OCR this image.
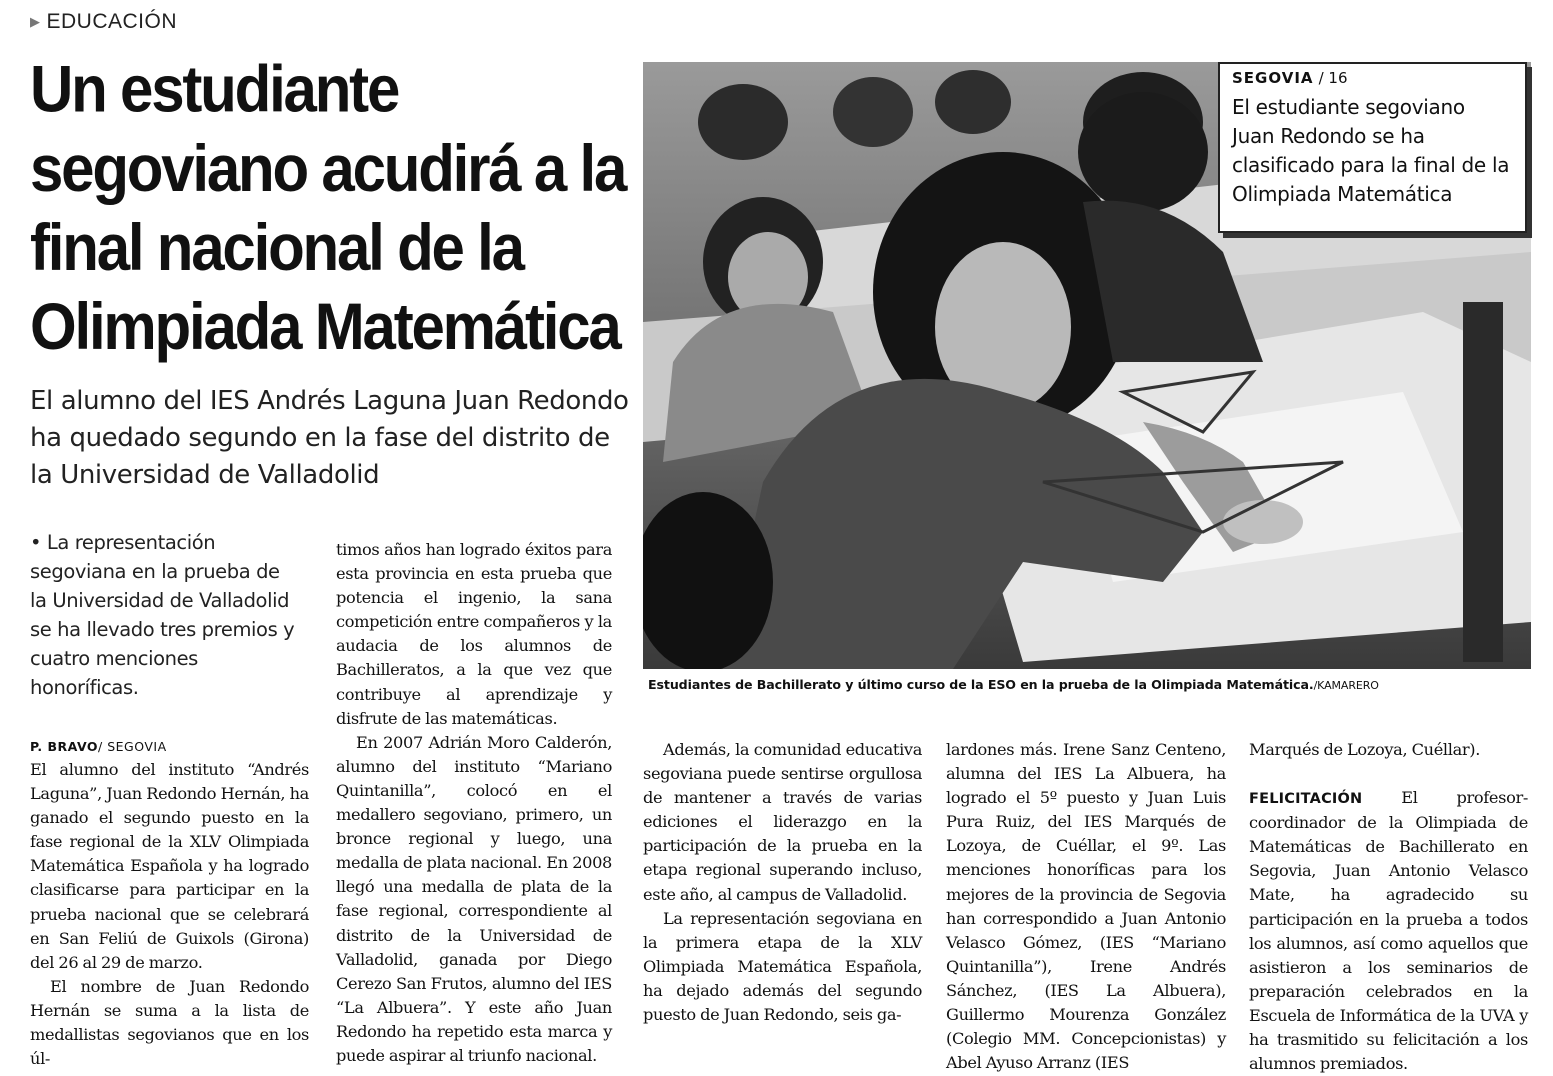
▶ EDUCACIÓN
Un estudiante segoviano acudirá a la final nacional de la Olimpiada Matemática
El alumno del IES Andrés Laguna Juan Redondo ha quedado segundo en la fase del distrito de la Universidad de Valladolid
SEGOVIA / 16
El estudiante segoviano Juan Redondo se ha clasificado para la final de la Olimpiada Matemática
Estudiantes de Bachillerato y último curso de la ESO en la prueba de la Olimpiada Matemática./KAMARERO
• La representación segoviana en la prueba de la Universidad de Valladolid se ha llevado tres premios y cuatro menciones honoríficas.
P. BRAVO/ SEGOVIA

El alumno del instituto “Andrés Laguna”, Juan Redondo Hernán, ha ganado el segundo puesto en la fase regional de la XLV Olimpiada Matemática Española y ha logrado clasificarse para participar en la prueba nacional que se celebrará en San Feliú de Guixols (Girona) del 26 al 29 de marzo.

El nombre de Juan Redondo Hernán se suma a la lista de medallistas segovianos que en los úl-

timos años han logrado éxitos para esta provincia en esta prueba que potencia el ingenio, la sana competición entre compañeros y la audacia de los alumnos de Bachilleratos, a la que vez que contribuye al aprendizaje y disfrute de las matemáticas.

En 2007 Adrián Moro Calderón, alumno del instituto “Mariano Quintanilla”, colocó en el medallero segoviano, primero, un bronce regional y luego, una medalla de plata nacional. En 2008 llegó una medalla de plata de la fase regional, correspondiente al distrito de la Universidad de Valladolid, ganada por Diego Cerezo San Frutos, alumno del IES “La Albuera”. Y este año Juan Redondo ha repetido esta marca y puede aspirar al triunfo nacional.

Además, la comunidad educativa segoviana puede sentirse orgullosa de mantener a través de varias ediciones el liderazgo en la participación de la prueba en la etapa regional superando incluso, este año, al campus de Valladolid.

La representación segoviana en la primera etapa de la XLV Olimpiada Matemática Española, ha dejado además del segundo puesto de Juan Redondo, seis ga-

lardones más. Irene Sanz Centeno, alumna del IES La Albuera, ha logrado el 5º puesto y Juan Luis Pura Ruiz, del IES Marqués de Lozoya, de Cuéllar, el 9º. Las menciones honoríficas para los mejores de la provincia de Segovia han correspondido a Juan Antonio Velasco Gómez, (IES “Mariano Quintanilla”), Irene Andrés Sánchez, (IES La Albuera), Guillermo Mourenza González (Colegio MM. Concepcionistas) y Abel Ayuso Arranz (IES

Marqués de Lozoya, Cuéllar).

FELICITACIÓN El profesor-coordinador de la Olimpiada de Matemáticas de Bachillerato en Segovia, Juan Antonio Velasco Mate, ha agradecido su participación en la prueba a todos los alumnos, así como aquellos que asistieron a los seminarios de preparación celebrados en la Escuela de Informática de la UVA y ha trasmitido su felicitación a los alumnos premiados.
